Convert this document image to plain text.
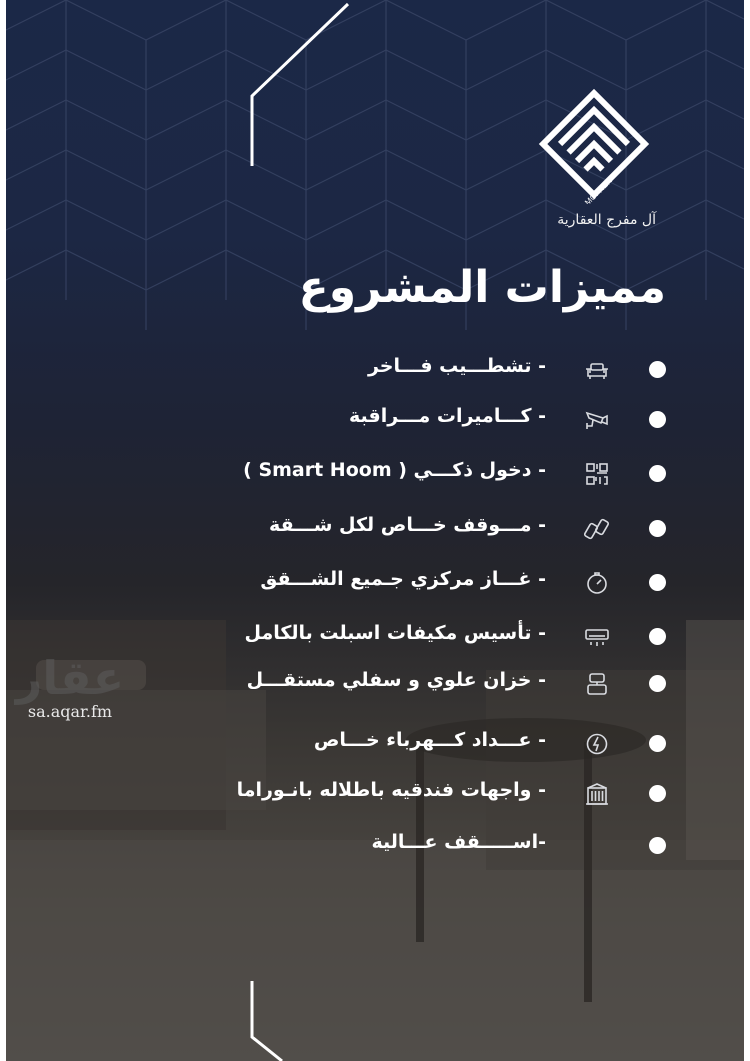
ALMOFREH
آل مفرج العقارية
مميزات المشروع
- تشطـــيب فـــاخر
- كـــاميرات مـــراقبة
- دخول ذكـــي ( Smart Hoom )
- مـــوقف خـــاص لكل شـــقة
- غـــاز مركزي جـميع الشـــقق
- تأسيس مكيفات اسبلت بالكامل
- خزان علوي و سفلي مستقـــل
- عـــداد كـــهرباء خـــاص
- واجهات فندقيه باطلاله بانـوراما
-اســـــقف عـــالية
عقار
sa.aqar.fm
